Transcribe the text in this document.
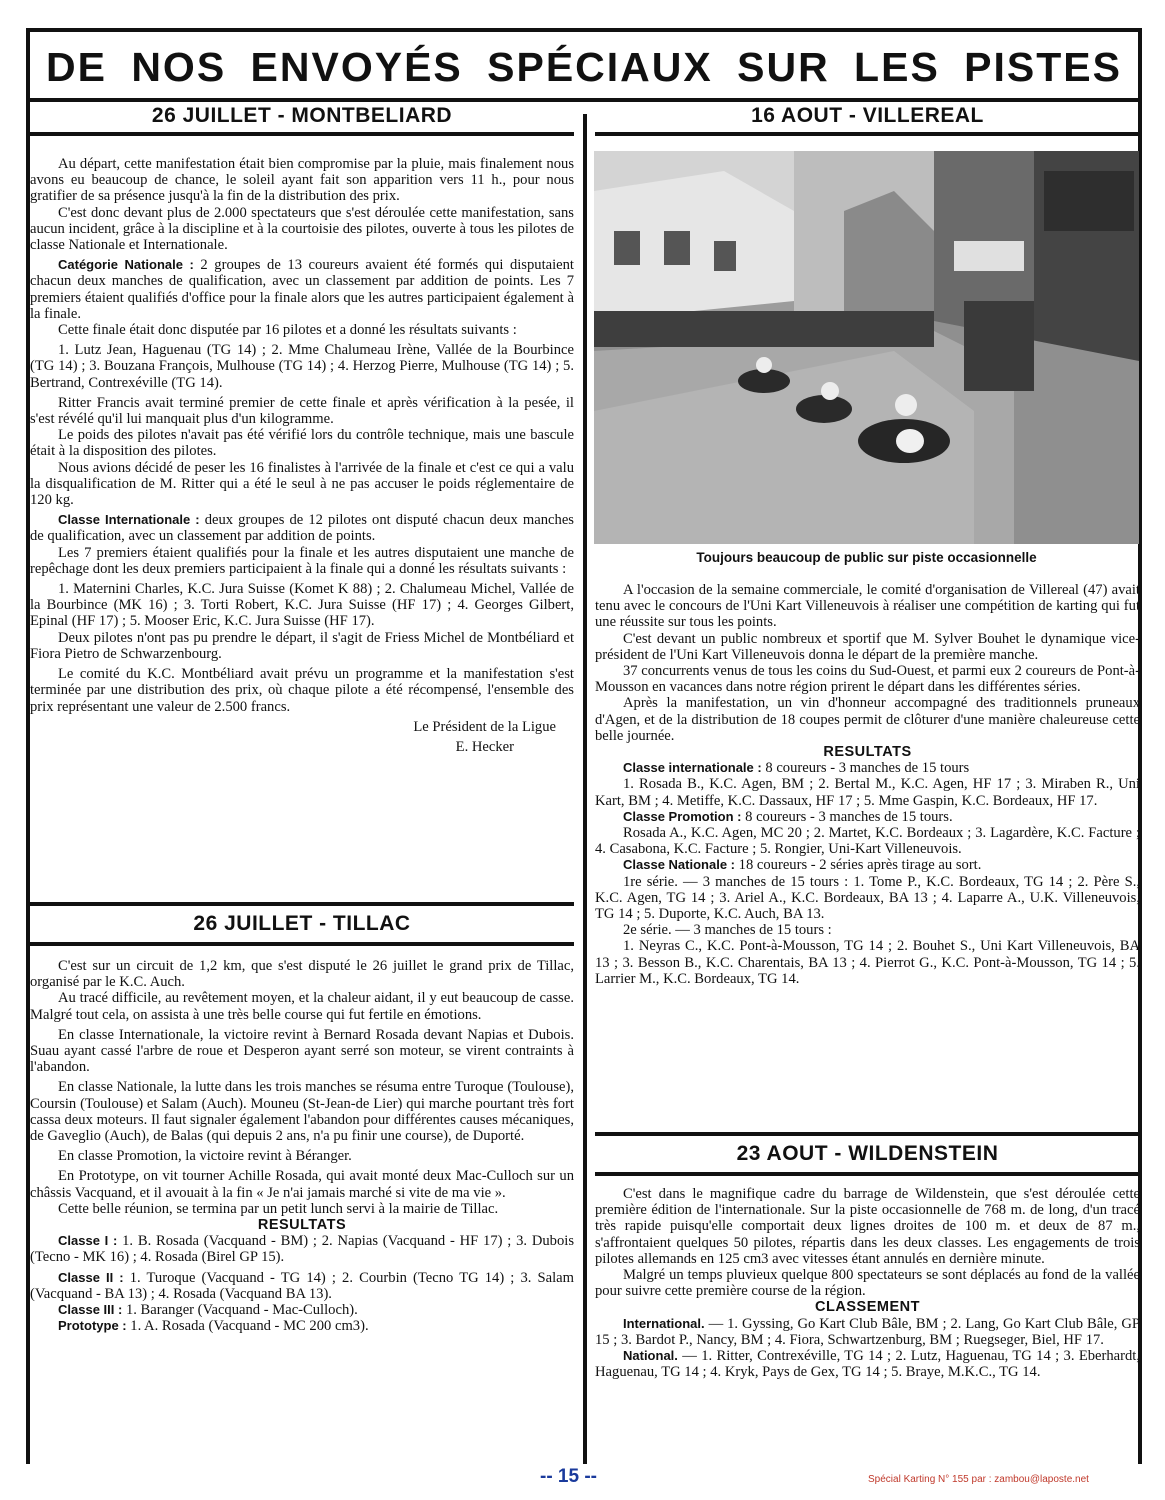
DE NOS ENVOYÉS SPÉCIAUX SUR LES PISTES
26 JUILLET - MONTBELIARD

Au départ, cette manifestation était bien compromise par la pluie, mais finalement nous avons eu beaucoup de chance, le soleil ayant fait son apparition vers 11 h., pour nous gratifier de sa présence jusqu'à la fin de la distribution des prix.

C'est donc devant plus de 2.000 spectateurs que s'est déroulée cette manifestation, sans aucun incident, grâce à la discipline et à la courtoisie des pilotes, ouverte à tous les pilotes de classe Nationale et Internationale.

Catégorie Nationale : 2 groupes de 13 coureurs avaient été formés qui disputaient chacun deux manches de qualification, avec un classement par addition de points. Les 7 premiers étaient qualifiés d'office pour la finale alors que les autres participaient également à la finale.

Cette finale était donc disputée par 16 pilotes et a donné les résultats suivants :

1. Lutz Jean, Haguenau (TG 14) ; 2. Mme Chalumeau Irène, Vallée de la Bourbince (TG 14) ; 3. Bouzana François, Mulhouse (TG 14) ; 4. Herzog Pierre, Mulhouse (TG 14) ; 5. Bertrand, Contrexéville (TG 14).

Ritter Francis avait terminé premier de cette finale et après vérification à la pesée, il s'est révélé qu'il lui manquait plus d'un kilogramme.

Le poids des pilotes n'avait pas été vérifié lors du contrôle technique, mais une bascule était à la disposition des pilotes.

Nous avions décidé de peser les 16 finalistes à l'arrivée de la finale et c'est ce qui a valu la disqualification de M. Ritter qui a été le seul à ne pas accuser le poids réglementaire de 120 kg.

Classe Internationale : deux groupes de 12 pilotes ont disputé chacun deux manches de qualification, avec un classement par addition de points.

Les 7 premiers étaient qualifiés pour la finale et les autres disputaient une manche de repêchage dont les deux premiers participaient à la finale qui a donné les résultats suivants :

1. Maternini Charles, K.C. Jura Suisse (Komet K 88) ; 2. Chalumeau Michel, Vallée de la Bourbince (MK 16) ; 3. Torti Robert, K.C. Jura Suisse (HF 17) ; 4. Georges Gilbert, Epinal (HF 17) ; 5. Mooser Eric, K.C. Jura Suisse (HF 17).

Deux pilotes n'ont pas pu prendre le départ, il s'agit de Friess Michel de Montbéliard et Fiora Pietro de Schwarzenbourg.

Le comité du K.C. Montbéliard avait prévu un programme et la manifestation s'est terminée par une distribution des prix, où chaque pilote a été récompensé, l'ensemble des prix représentant une valeur de 2.500 francs.

Le Président de la Ligue

E. Hecker

26 JUILLET - TILLAC

C'est sur un circuit de 1,2 km, que s'est disputé le 26 juillet le grand prix de Tillac, organisé par le K.C. Auch.

Au tracé difficile, au revêtement moyen, et la chaleur aidant, il y eut beaucoup de casse. Malgré tout cela, on assista à une très belle course qui fut fertile en émotions.

En classe Internationale, la victoire revint à Bernard Rosada devant Napias et Dubois. Suau ayant cassé l'arbre de roue et Desperon ayant serré son moteur, se virent contraints à l'abandon.

En classe Nationale, la lutte dans les trois manches se résuma entre Turoque (Toulouse), Coursin (Toulouse) et Salam (Auch). Mouneu (St-Jean-de Lier) qui marche pourtant très fort cassa deux moteurs. Il faut signaler également l'abandon pour différentes causes mécaniques, de Gaveglio (Auch), de Balas (qui depuis 2 ans, n'a pu finir une course), de Duporté.

En classe Promotion, la victoire revint à Béranger.

En Prototype, on vit tourner Achille Rosada, qui avait monté deux Mac-Culloch sur un châssis Vacquand, et il avouait à la fin « Je n'ai jamais marché si vite de ma vie ».

Cette belle réunion, se termina par un petit lunch servi à la mairie de Tillac.

RESULTATS

Classe I : 1. B. Rosada (Vacquand - BM) ; 2. Napias (Vacquand - HF 17) ; 3. Dubois (Tecno - MK 16) ; 4. Rosada (Birel GP 15).

Classe II : 1. Turoque (Vacquand - TG 14) ; 2. Courbin (Tecno TG 14) ; 3. Salam (Vacquand - BA 13) ; 4. Rosada (Vacquand BA 13).

Classe III : 1. Baranger (Vacquand - Mac-Culloch).

Prototype : 1. A. Rosada (Vacquand - MC 200 cm3).

16 AOUT - VILLEREAL
Toujours beaucoup de public sur piste occasionnelle

A l'occasion de la semaine commerciale, le comité d'organisation de Villereal (47) avait tenu avec le concours de l'Uni Kart Villeneuvois à réaliser une compétition de karting qui fut une réussite sur tous les points.

C'est devant un public nombreux et sportif que M. Sylver Bouhet le dynamique vice-président de l'Uni Kart Villeneuvois donna le départ de la première manche.

37 concurrents venus de tous les coins du Sud-Ouest, et parmi eux 2 coureurs de Pont-à-Mousson en vacances dans notre région prirent le départ dans les différentes séries.

Après la manifestation, un vin d'honneur accompagné des traditionnels pruneaux d'Agen, et de la distribution de 18 coupes permit de clôturer d'une manière chaleureuse cette belle journée.

RESULTATS

Classe internationale : 8 coureurs - 3 manches de 15 tours

1. Rosada B., K.C. Agen, BM ; 2. Bertal M., K.C. Agen, HF 17 ; 3. Miraben R., Uni Kart, BM ; 4. Metiffe, K.C. Dassaux, HF 17 ; 5. Mme Gaspin, K.C. Bordeaux, HF 17.

Classe Promotion : 8 coureurs - 3 manches de 15 tours.

Rosada A., K.C. Agen, MC 20 ; 2. Martet, K.C. Bordeaux ; 3. Lagardère, K.C. Facture ; 4. Casabona, K.C. Facture ; 5. Rongier, Uni-Kart Villeneuvois.

Classe Nationale : 18 coureurs - 2 séries après tirage au sort.

1re série. — 3 manches de 15 tours : 1. Tome P., K.C. Bordeaux, TG 14 ; 2. Père S., K.C. Agen, TG 14 ; 3. Ariel A., K.C. Bordeaux, BA 13 ; 4. Laparre A., U.K. Villeneuvois, TG 14 ; 5. Duporte, K.C. Auch, BA 13.

2e série. — 3 manches de 15 tours :

1. Neyras C., K.C. Pont-à-Mousson, TG 14 ; 2. Bouhet S., Uni Kart Villeneuvois, BA 13 ; 3. Besson B., K.C. Charentais, BA 13 ; 4. Pierrot G., K.C. Pont-à-Mousson, TG 14 ; 5. Larrier M., K.C. Bordeaux, TG 14.

23 AOUT - WILDENSTEIN

C'est dans le magnifique cadre du barrage de Wildenstein, que s'est déroulée cette première édition de l'internationale. Sur la piste occasionnelle de 768 m. de long, d'un tracé très rapide puisqu'elle comportait deux lignes droites de 100 m. et deux de 87 m., s'affrontaient quelques 50 pilotes, répartis dans les deux classes. Les engagements de trois pilotes allemands en 125 cm3 avec vitesses étant annulés en dernière minute.

Malgré un temps pluvieux quelque 800 spectateurs se sont déplacés au fond de la vallée pour suivre cette première course de la région.

CLASSEMENT

International. — 1. Gyssing, Go Kart Club Bâle, BM ; 2. Lang, Go Kart Club Bâle, GP 15 ; 3. Bardot P., Nancy, BM ; 4. Fiora, Schwartzenburg, BM ; Ruegseger, Biel, HF 17.

National. — 1. Ritter, Contrexéville, TG 14 ; 2. Lutz, Haguenau, TG 14 ; 3. Eberhardt, Haguenau, TG 14 ; 4. Kryk, Pays de Gex, TG 14 ; 5. Braye, M.K.C., TG 14.

-- 15 --	Spécial Karting N° 155 par : zambou@laposte.net
